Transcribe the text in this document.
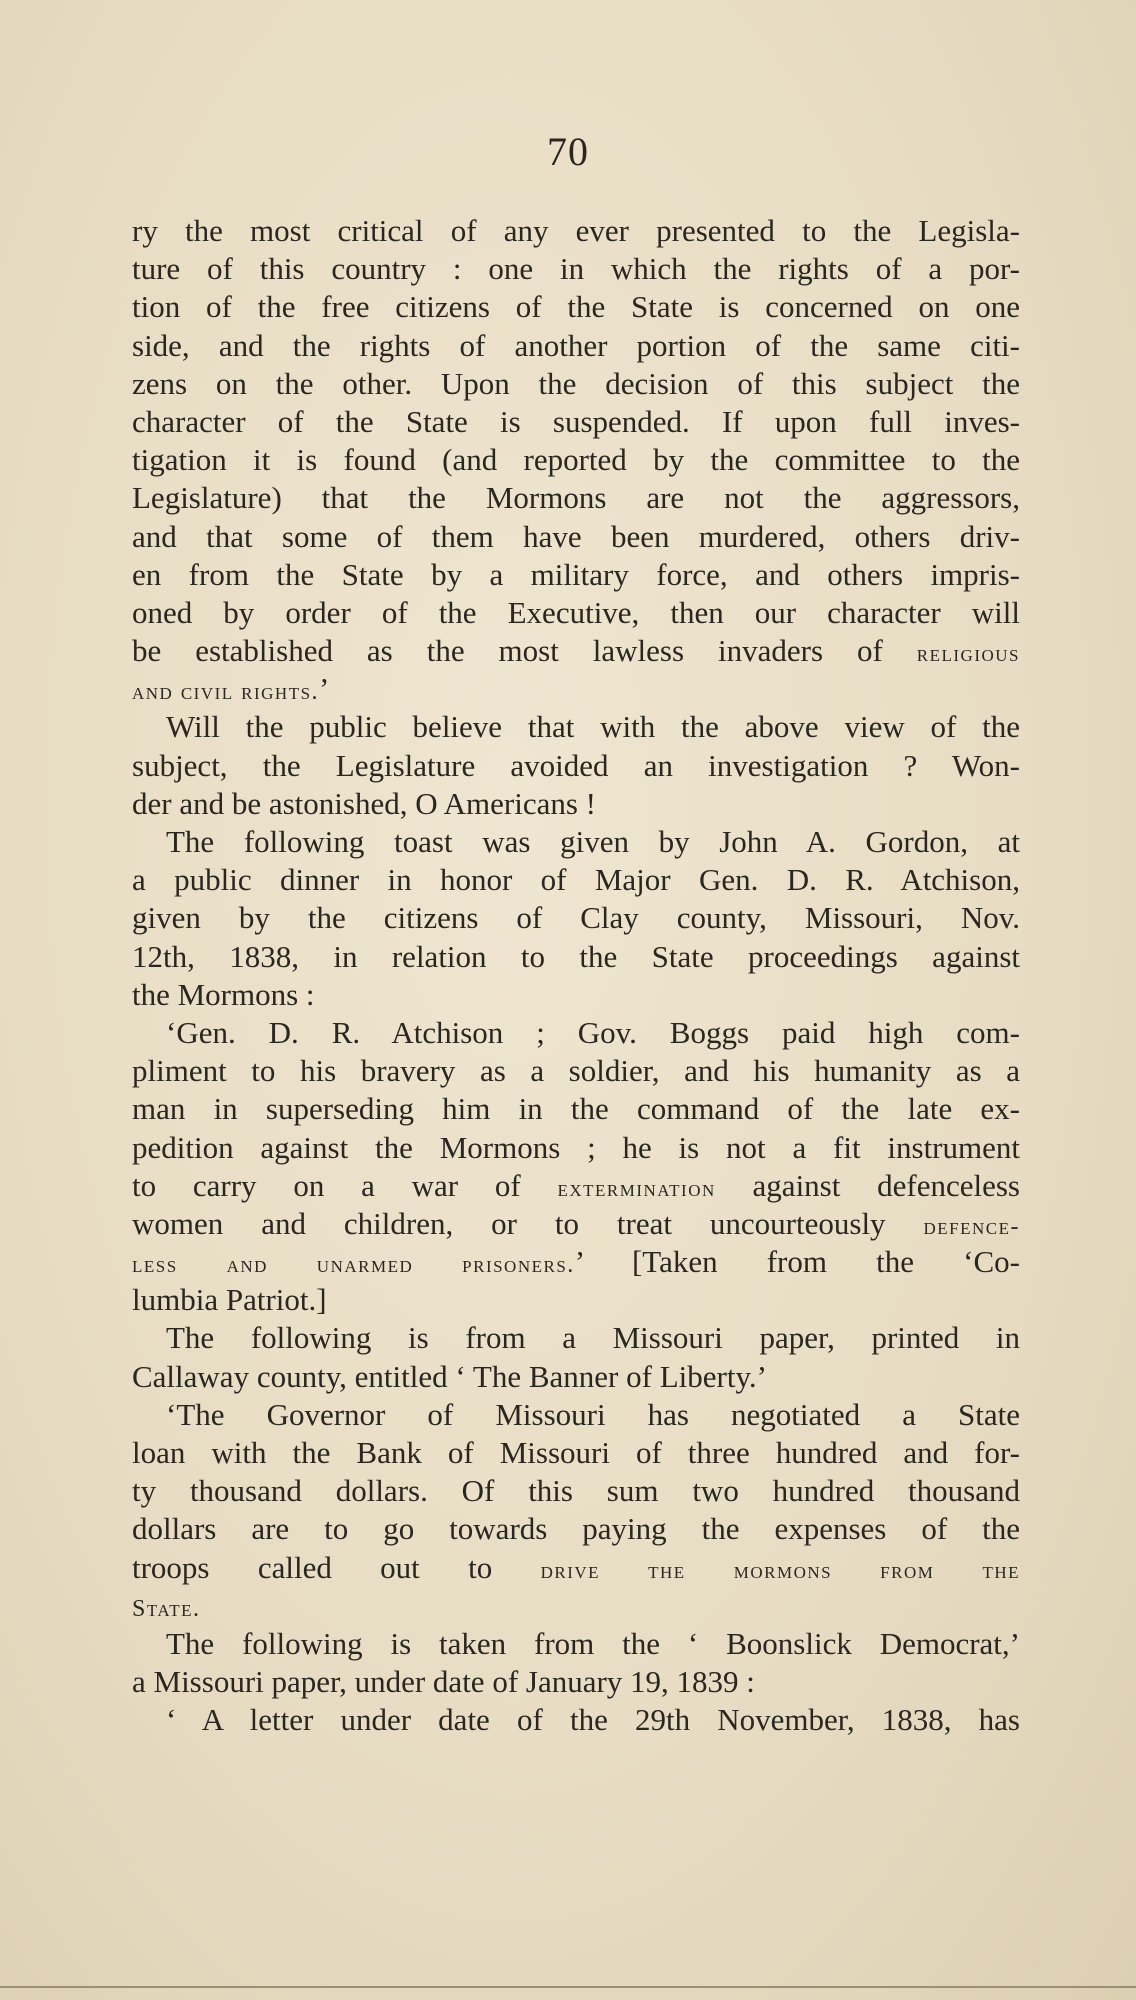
70
ry the most critical of any ever presented to the Legisla-
ture of this country : one in which the rights of a por-
tion of the free citizens of the State is concerned on one
side, and the rights of another portion of the same citi-
zens on the other. Upon the decision of this subject the
character of the State is suspended. If upon full inves-
tigation it is found (and reported by the committee to the
Legislature) that the Mormons are not the aggressors,
and that some of them have been murdered, others driv-
en from the State by a military force, and others impris-
oned by order of the Executive, then our character will
be established as the most lawless invaders of religious
and civil rights.’
Will the public believe that with the above view of the
subject, the Legislature avoided an investigation ? Won-
der and be astonished, O Americans !
The following toast was given by John A. Gordon, at
a public dinner in honor of Major Gen. D. R. Atchison,
given by the citizens of Clay county, Missouri, Nov.
12th, 1838, in relation to the State proceedings against
the Mormons :
‘Gen. D. R. Atchison ; Gov. Boggs paid high com-
pliment to his bravery as a soldier, and his humanity as a
man in superseding him in the command of the late ex-
pedition against the Mormons ; he is not a fit instrument
to carry on a war of extermination against defenceless
women and children, or to treat uncourteously defence-
less and unarmed prisoners.’ [Taken from the ‘Co-
lumbia Patriot.]
The following is from a Missouri paper, printed in
Callaway county, entitled ‘ The Banner of Liberty.’
‘The Governor of Missouri has negotiated a State
loan with the Bank of Missouri of three hundred and for-
ty thousand dollars. Of this sum two hundred thousand
dollars are to go towards paying the expenses of the
troops called out to drive the mormons from the
State.
The following is taken from the ‘ Boonslick Democrat,’
a Missouri paper, under date of January 19, 1839 :
‘ A letter under date of the 29th November, 1838, has
